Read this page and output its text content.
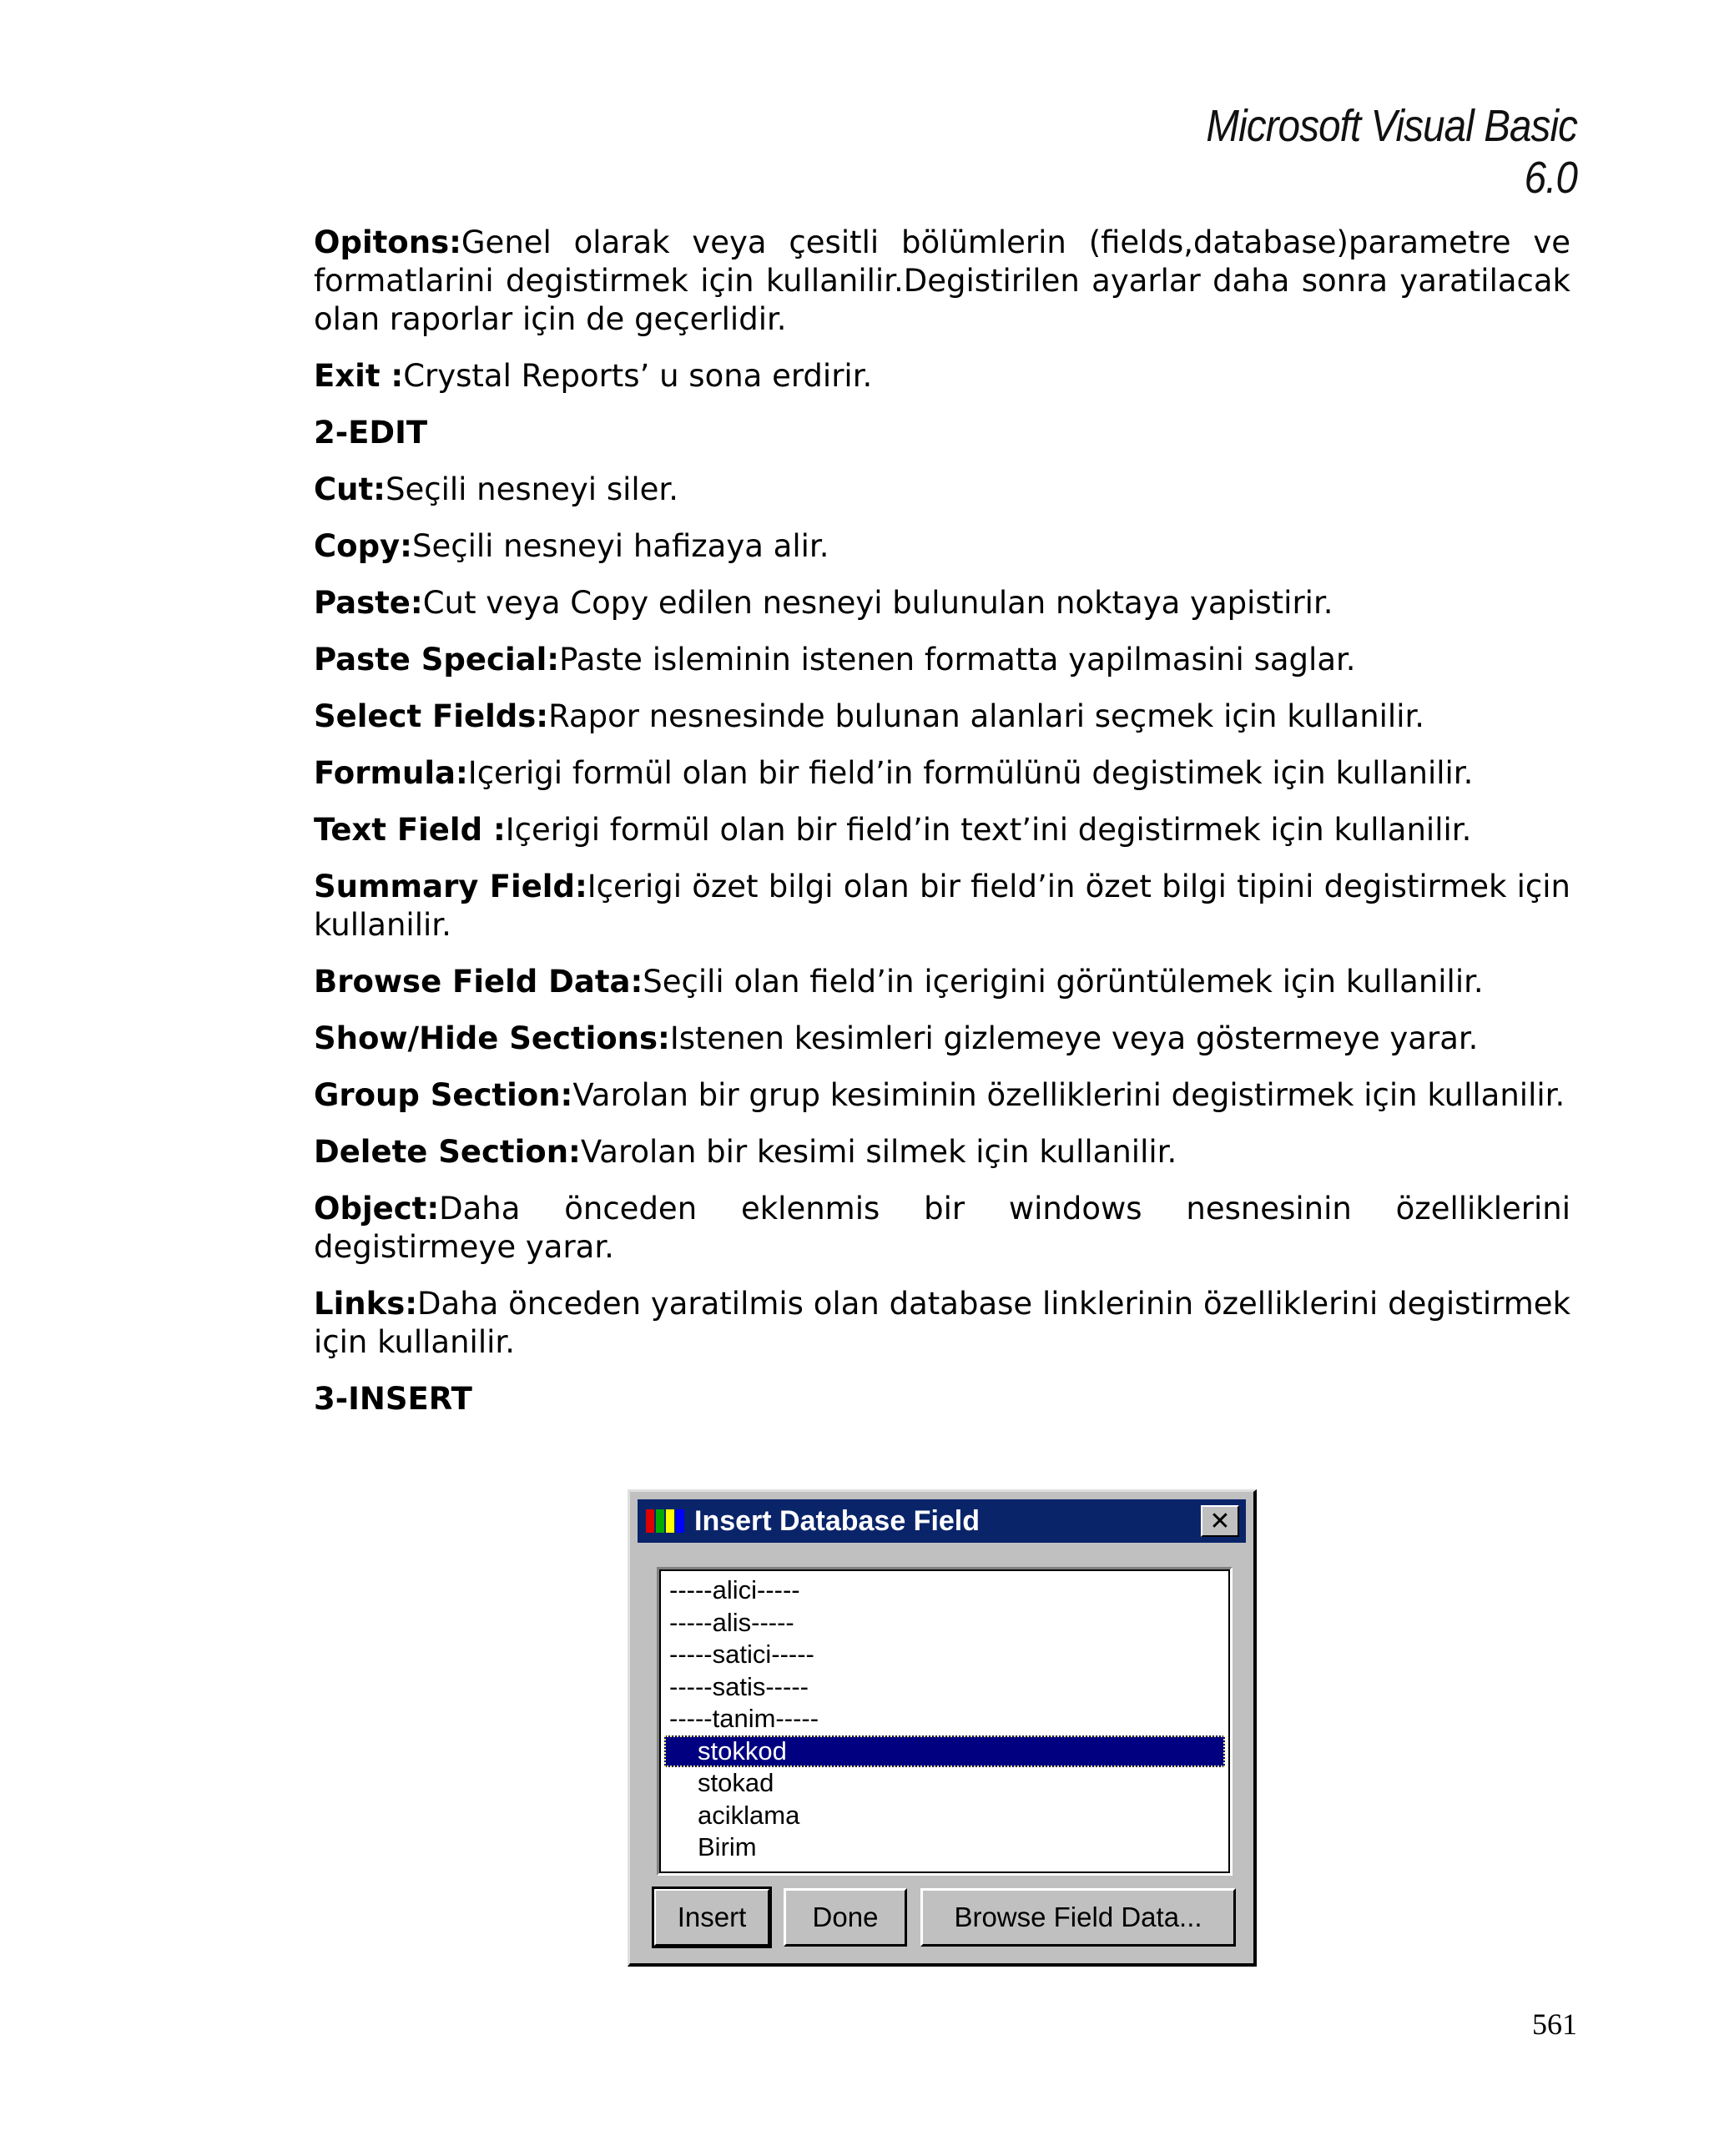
Microsoft Visual Basic 6.0
Opitons:Genel olarak veya çesitli bölümlerin (fields,database)parametre ve formatlarini degistirmek için kullanilir.Degistirilen ayarlar daha sonra yaratilacak olan raporlar için de geçerlidir.
Exit :Crystal Reports’ u sona erdirir.
2-EDIT
Cut:Seçili nesneyi siler.
Copy:Seçili nesneyi hafizaya alir.
Paste:Cut veya Copy edilen nesneyi bulunulan noktaya yapistirir.
Paste Special:Paste isleminin istenen formatta yapilmasini saglar.
Select Fields:Rapor nesnesinde bulunan alanlari seçmek için kullanilir.
Formula:Içerigi formül olan bir field’in formülünü degistimek için kullanilir.
Text Field :Içerigi formül olan bir field’in text’ini degistirmek için kullanilir.
Summary Field:Içerigi özet bilgi olan bir field’in özet bilgi tipini degistirmek için kullanilir.
Browse Field Data:Seçili olan field’in içerigini görüntülemek için kullanilir.
Show/Hide Sections:Istenen kesimleri gizlemeye veya göstermeye yarar.
Group Section:Varolan bir grup kesiminin özelliklerini degistirmek için kullanilir.
Delete Section:Varolan bir kesimi silmek için kullanilir.
Object:Daha önceden eklenmis bir windows nesnesinin özelliklerini degistirmeye yarar.
Links:Daha önceden yaratilmis olan database linklerinin özelliklerini degistirmek için kullanilir.
3-INSERT
Insert Database Field	✕
-----alici-----
-----alis-----
-----satici-----
-----satis-----
-----tanim-----
stokkod
stokad
aciklama
Birim
Insert	Done	Browse Field Data...
561
